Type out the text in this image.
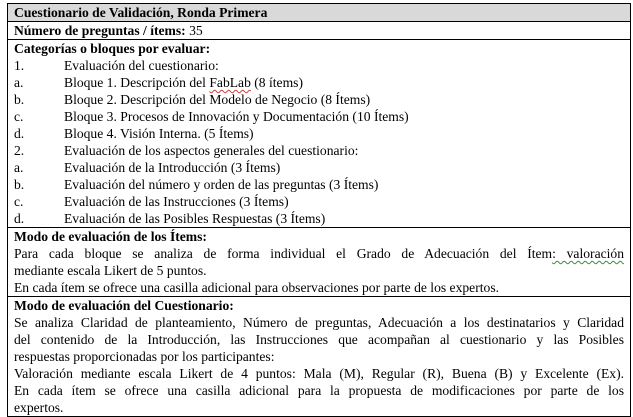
Cuestionario de Validación, Ronda Primera
Número de preguntas / ítems: 35

Categorías o bloques por evaluar:
1.	Evaluación del cuestionario:
a.	Bloque 1. Descripción del FabLab (8 ítems)
b.	Bloque 2. Descripción del Modelo de Negocio (8 Ítems)
c.	Bloque 3. Procesos de Innovación y Documentación (10 Ítems)
d.	Bloque 4. Visión Interna. (5 Ítems)
2.	Evaluación de los aspectos generales del cuestionario:
a.	Evaluación de la Introducción (3 Ítems)
b.	Evaluación del número y orden de las preguntas (3 Ítems)
c.	Evaluación de las Instrucciones (3 Ítems)
d.	Evaluación de las Posibles Respuestas (3 Ítems)

Modo de evaluación de los Ítems:
Para cada bloque se analiza de forma individual el Grado de Adecuación del Ítem: valoración
mediante escala Likert de 5 puntos.
En cada ítem se ofrece una casilla adicional para observaciones por parte de los expertos.

Modo de evaluación del Cuestionario:
Se analiza Claridad de planteamiento, Número de preguntas, Adecuación a los destinatarios y Claridad
del contenido de la Introducción, las Instrucciones que acompañan al cuestionario y las Posibles
respuestas proporcionadas por los participantes:
Valoración mediante escala Likert de 4 puntos: Mala (M), Regular (R), Buena (B) y Excelente (Ex).
En cada ítem se ofrece una casilla adicional para la propuesta de modificaciones por parte de los
expertos.
